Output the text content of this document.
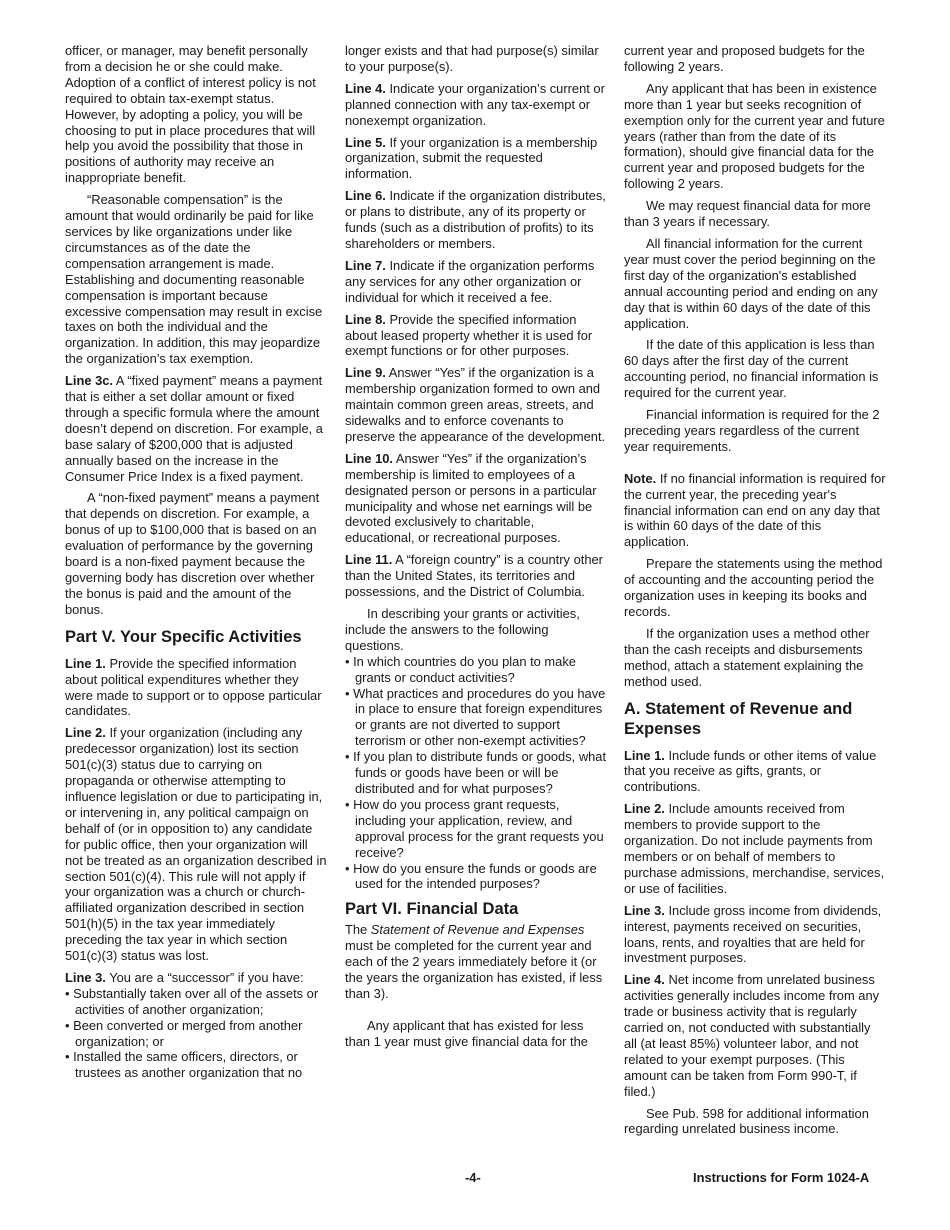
officer, or manager, may benefit personally from a decision he or she could make. Adoption of a conflict of interest policy is not required to obtain tax-exempt status. However, by adopting a policy, you will be choosing to put in place procedures that will help you avoid the possibility that those in positions of authority may receive an inappropriate benefit.

“Reasonable compensation” is the amount that would ordinarily be paid for like services by like organizations under like circumstances as of the date the compensation arrangement is made. Establishing and documenting reasonable compensation is important because excessive compensation may result in excise taxes on both the individual and the organization. In addition, this may jeopardize the organization’s tax exemption.

Line 3c. A “fixed payment” means a payment that is either a set dollar amount or fixed through a specific formula where the amount doesn’t depend on discretion. For example, a base salary of $200,000 that is adjusted annually based on the increase in the Consumer Price Index is a fixed payment.

A “non-fixed payment” means a payment that depends on discretion. For example, a bonus of up to $100,000 that is based on an evaluation of performance by the governing board is a non-fixed payment because the governing body has discretion over whether the bonus is paid and the amount of the bonus.

Part V. Your Specific Activities

Line 1. Provide the specified information about political expenditures whether they were made to support or to oppose particular candidates.

Line 2. If your organization (including any predecessor organization) lost its section 501(c)(3) status due to carrying on propaganda or otherwise attempting to influence legislation or due to participating in, or intervening in, any political campaign on behalf of (or in opposition to) any candidate for public office, then your organization will not be treated as an organization described in section 501(c)(4). This rule will not apply if your organization was a church or church-affiliated organization described in section 501(h)(5) in the tax year immediately preceding the tax year in which section 501(c)(3) status was lost.

Line 3. You are a “successor” if you have:

• Substantially taken over all of the assets or activities of another organization;

• Been converted or merged from another organization; or

• Installed the same officers, directors, or trustees as another organization that no

longer exists and that had purpose(s) similar to your purpose(s).

Line 4. Indicate your organization’s current or planned connection with any tax-exempt or nonexempt organization.

Line 5. If your organization is a membership organization, submit the requested information.

Line 6. Indicate if the organization distributes, or plans to distribute, any of its property or funds (such as a distribution of profits) to its shareholders or members.

Line 7. Indicate if the organization performs any services for any other organization or individual for which it received a fee.

Line 8. Provide the specified information about leased property whether it is used for exempt functions or for other purposes.

Line 9. Answer “Yes” if the organization is a membership organization formed to own and maintain common green areas, streets, and sidewalks and to enforce covenants to preserve the appearance of the development.

Line 10. Answer “Yes” if the organization’s membership is limited to employees of a designated person or persons in a particular municipality and whose net earnings will be devoted exclusively to charitable, educational, or recreational purposes.

Line 11. A “foreign country” is a country other than the United States, its territories and possessions, and the District of Columbia.

In describing your grants or activities, include the answers to the following questions.

• In which countries do you plan to make grants or conduct activities?

• What practices and procedures do you have in place to ensure that foreign expenditures or grants are not diverted to support terrorism or other non-exempt activities?

• If you plan to distribute funds or goods, what funds or goods have been or will be distributed and for what purposes?

• How do you process grant requests, including your application, review, and approval process for the grant requests you receive?

• How do you ensure the funds or goods are used for the intended purposes?

Part VI. Financial Data

The Statement of Revenue and Expenses must be completed for the current year and each of the 2 years immediately before it (or the years the organization has existed, if less than 3).

Any applicant that has existed for less than 1 year must give financial data for the

current year and proposed budgets for the following 2 years.

Any applicant that has been in existence more than 1 year but seeks recognition of exemption only for the current year and future years (rather than from the date of its formation), should give financial data for the current year and proposed budgets for the following 2 years.

We may request financial data for more than 3 years if necessary.

All financial information for the current year must cover the period beginning on the first day of the organization's established annual accounting period and ending on any day that is within 60 days of the date of this application.

If the date of this application is less than 60 days after the first day of the current accounting period, no financial information is required for the current year.

Financial information is required for the 2 preceding years regardless of the current year requirements.

Note. If no financial information is required for the current year, the preceding year's financial information can end on any day that is within 60 days of the date of this application.

Prepare the statements using the method of accounting and the accounting period the organization uses in keeping its books and records.

If the organization uses a method other than the cash receipts and disbursements method, attach a statement explaining the method used.

A. Statement of Revenue and Expenses

Line 1. Include funds or other items of value that you receive as gifts, grants, or contributions.

Line 2. Include amounts received from members to provide support to the organization. Do not include payments from members or on behalf of members to purchase admissions, merchandise, services, or use of facilities.

Line 3. Include gross income from dividends, interest, payments received on securities, loans, rents, and royalties that are held for investment purposes.

Line 4. Net income from unrelated business activities generally includes income from any trade or business activity that is regularly carried on, not conducted with substantially all (at least 85%) volunteer labor, and not related to your exempt purposes. (This amount can be taken from Form 990-T, if filed.)

See Pub. 598 for additional information regarding unrelated business income.

-4-	Instructions for Form 1024-A
